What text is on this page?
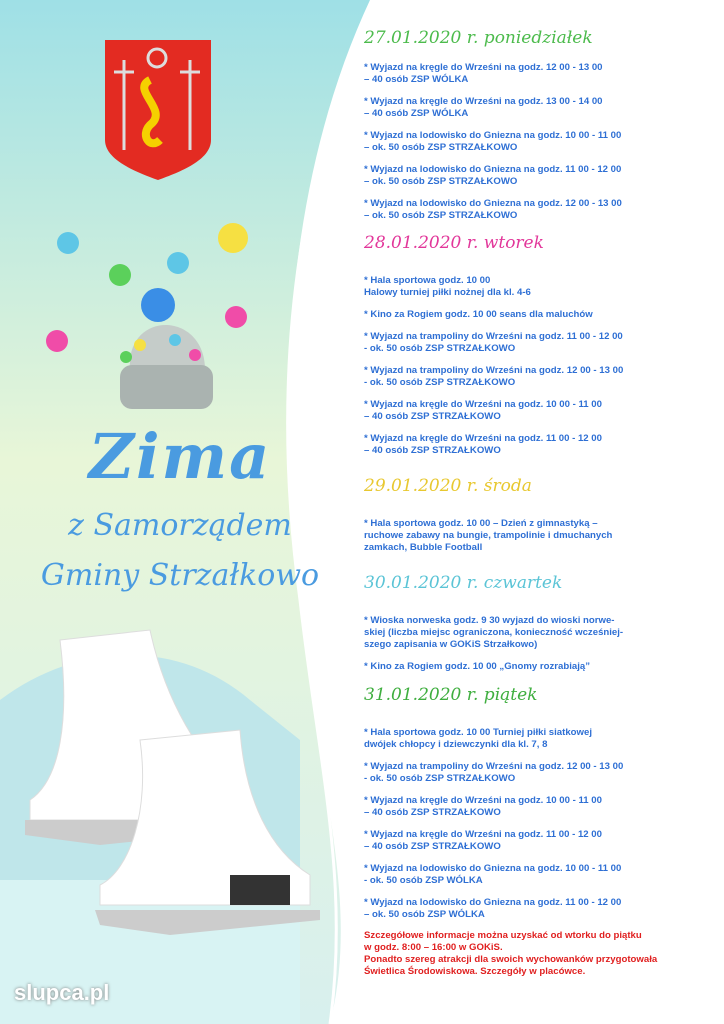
Zima
z Samorządem
Gminy Strzałkowo
27.01.2020 r. poniedziałek
* Wyjazd na kręgle do Wrześni na godz. 12 00 - 13 00
– 40 osób ZSP WÓLKA
* Wyjazd na kręgle do Wrześni na godz. 13 00 - 14 00
– 40 osób ZSP WÓLKA
* Wyjazd na lodowisko do Gniezna na godz. 10 00 - 11 00
– ok. 50 osób ZSP STRZAŁKOWO
* Wyjazd na lodowisko do Gniezna na godz. 11 00 - 12 00
– ok. 50 osób ZSP STRZAŁKOWO
* Wyjazd na lodowisko do Gniezna na godz. 12 00 - 13 00
– ok. 50 osób ZSP STRZAŁKOWO
28.01.2020 r. wtorek
* Hala sportowa godz. 10 00
Halowy turniej piłki nożnej dla kl. 4-6
* Kino za Rogiem godz. 10 00 seans dla maluchów
* Wyjazd na trampoliny do Wrześni na godz. 11 00 - 12 00
- ok. 50 osób ZSP STRZAŁKOWO
* Wyjazd na trampoliny do Wrześni na godz. 12 00 - 13 00
- ok. 50 osób ZSP STRZAŁKOWO
* Wyjazd na kręgle do Wrześni na godz. 10 00 - 11 00
– 40 osób ZSP STRZAŁKOWO
* Wyjazd na kręgle do Wrześni na godz. 11 00 - 12 00
– 40 osób ZSP STRZAŁKOWO
29.01.2020 r. środa
* Hala sportowa godz. 10 00 – Dzień z gimnastyką –
ruchowe zabawy na bungie, trampolinie i dmuchanych
zamkach, Bubble Football
30.01.2020 r. czwartek
* Wioska norweska godz. 9 30 wyjazd do wioski norwe-
skiej (liczba miejsc ograniczona, konieczność wcześniej-
szego zapisania w GOKiS Strzałkowo)
* Kino za Rogiem godz. 10 00 „Gnomy rozrabiają”
31.01.2020 r. piątek
* Hala sportowa godz. 10 00 Turniej piłki siatkowej
dwójek chłopcy i dziewczynki dla kl. 7, 8
* Wyjazd na trampoliny do Wrześni na godz. 12 00 - 13 00
- ok. 50 osób ZSP STRZAŁKOWO
* Wyjazd na kręgle do Wrześni na godz. 10 00 - 11 00
– 40 osób ZSP STRZAŁKOWO
* Wyjazd na kręgle do Wrześni na godz. 11 00 - 12 00
– 40 osób ZSP STRZAŁKOWO
* Wyjazd na lodowisko do Gniezna na godz. 10 00 - 11 00
- ok. 50 osób ZSP WÓLKA
* Wyjazd na lodowisko do Gniezna na godz. 11 00 - 12 00
– ok. 50 osób ZSP WÓLKA
Szczegółowe informacje można uzyskać od wtorku do piątku
w godz. 8:00 – 16:00 w GOKiS.
Ponadto szereg atrakcji dla swoich wychowanków przygotowała
Świetlica Środowiskowa. Szczegóły w placówce.
slupca.pl
